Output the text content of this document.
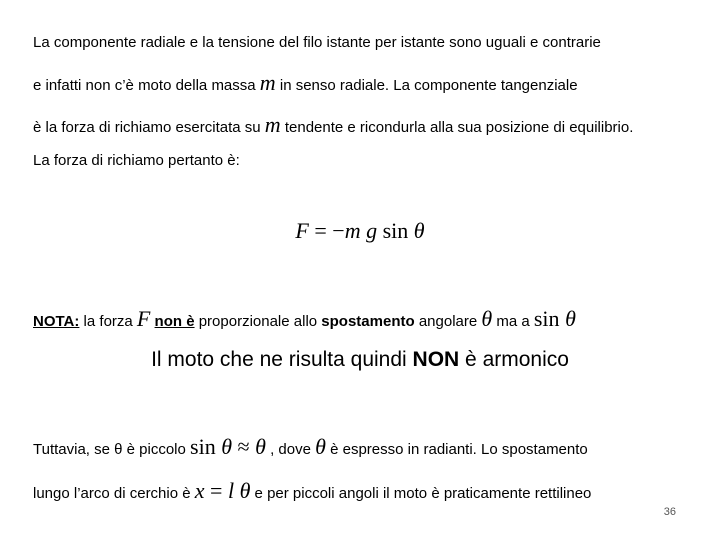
La componente radiale e la tensione del filo istante per istante sono uguali e contrarie
e infatti non c’è moto della massa m in senso radiale. La componente tangenziale
è la forza di richiamo esercitata su m tendente e ricondurla alla sua posizione di equilibrio.
La forza di richiamo pertanto è:
F = −m g sin θ
NOTA: la forza F non è proporzionale allo spostamento angolare θ ma a sin θ
Il moto che ne risulta quindi NON è armonico
Tuttavia, se θ è piccolo sin θ ≈ θ , dove θ è espresso in radianti. Lo spostamento
lungo l’arco di cerchio è x = l θ e per piccoli angoli il moto è praticamente rettilineo
36
